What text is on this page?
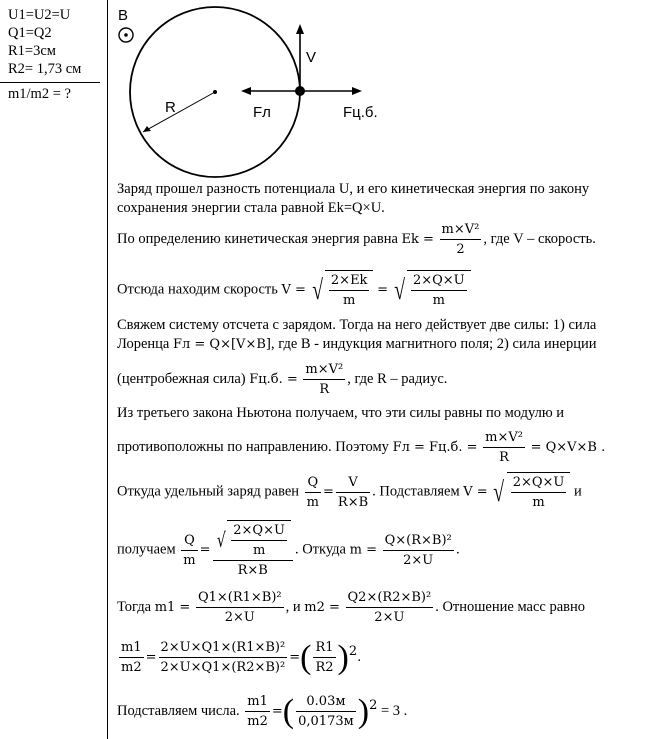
U1=U2=U
Q1=Q2
R1=3см
R2= 1,73 см
m1/m2 = ?
B
R
V
Fл	Fц.б.
Заряд прошел разность потенциала U, и его кинетическая энергия по закону
сохранения энергии стала равной Ek=Q×U.
По определению кинетическая энергия равна $Ek = \frac{\text{m×V²}}{2}$ , где V – скорость.
Отсюда находим скорость V = √ $\frac{2\times Ek}{m}$ = √ $\frac{2\times Q\times U}{m}$
Свяжем систему отсчета с зарядом. Тогда на него действует две силы: 1) сила
Лоренца Fл = Q×[V×B], где B - индукция магнитного поля; 2) сила инерции
(центробежная сила) Fц.б. = $\frac{\text{m×V²}}{R}$ , где R – радиус.
Из третьего закона Ньютона получаем, что эти силы равны по модулю и
противоположны по направлению. Поэтому Fл = Fц.б. = $\frac{\text{m×V²}}{R} = Q\times V\times B$ .
Откуда удельный заряд равен $\frac{Q}{m} = \frac{V}{R\times B}$ . Подставляем V = √ $\frac{2\times Q\times U}{m}$ и
получаем $\frac{Q}{m} = \frac{√ \frac{2\times Q\times U}{m}}{R\times B}$ . Откуда $m = \frac{\text{Q×(R×B)²}}{2\times U}$ .
Тогда $m1 = \frac{\text{Q1×(R1×B)²}}{2\times U}$ , и $m2 = \frac{\text{Q2×(R2×B)²}}{2\times U}$ . Отношение масс равно
$\frac{m1}{m2} = \frac{\text{2×U×Q1×(R1×B)²}}{\text{2×U×Q1×(R2×B)²}}$ =( $\frac{R1}{R2} )^2$.
Подставляем числа. $\frac{m1}{m2}$ =( $\frac{0.03м}{0,0173м} )^2 = 3$ .
